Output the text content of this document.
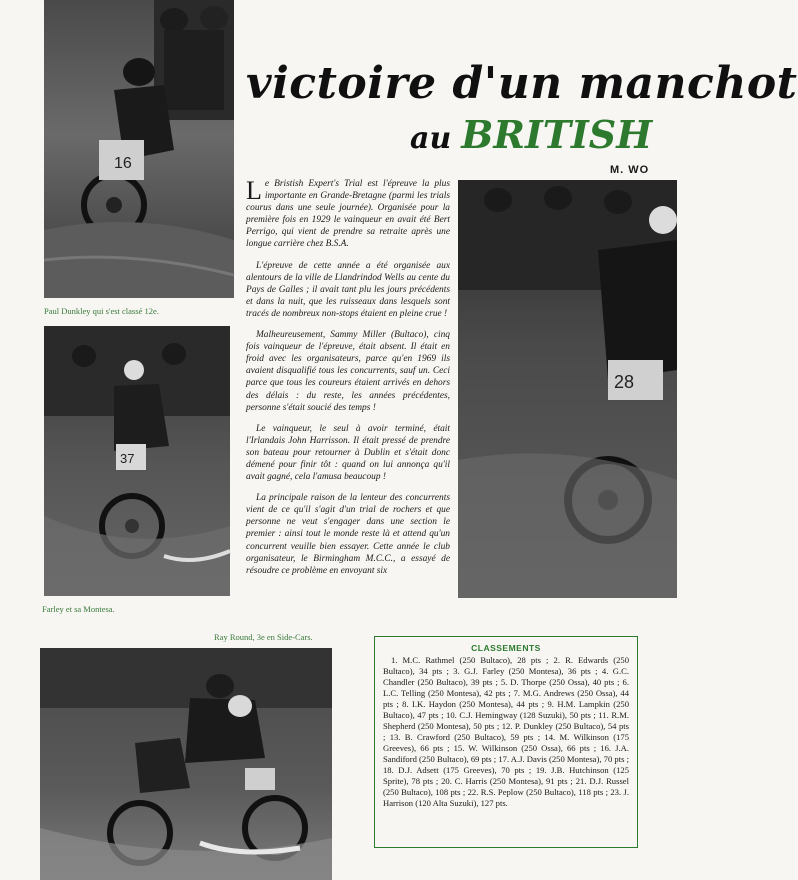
16
Paul Dunkley qui s'est classé 12e.
37
Farley et sa Montesa.
Ray Round, 3e en Side-Cars.
28
victoire d'un manchot
au BRITISH
M. WO

Le Bristish Expert's Trial est l'épreuve la plus importante en Grande-Bretagne (parmi les trials courus dans une seule journée). Organisée pour la première fois en 1929 le vainqueur en avait été Bert Perrigo, qui vient de prendre sa retraite après une longue carrière chez B.S.A.

L'épreuve de cette année a été organisée aux alentours de la ville de Llandrindod Wells au cente du Pays de Galles ; il avait tant plu les jours précédents et dans la nuit, que les ruisseaux dans lesquels sont tracés de nombreux non-stops étaient en pleine crue !

Malheureusement, Sammy Miller (Bultaco), cinq fois vainqueur de l'épreuve, était absent. Il était en froid avec les organisateurs, parce qu'en 1969 ils avaient disqualifié tous les concurrents, sauf un. Ceci parce que tous les coureurs étaient arrivés en dehors des délais : du reste, les années précédentes, personne s'était soucié des temps !

Le vainqueur, le seul à avoir terminé, était l'Irlandais John Harrisson. Il était pressé de prendre son bateau pour retourner à Dublin et s'était donc démené pour finir tôt : quand on lui annonça qu'il avait gagné, cela l'amusa beaucoup !

La principale raison de la lenteur des concurrents vient de ce qu'il s'agit d'un trial de rochers et que personne ne veut s'engager dans une section le premier : ainsi tout le monde reste là et attend qu'un concurrent veuille bien essayer. Cette année le club organisateur, le Birmingham M.C.C., a essayé de résoudre ce problème en envoyant six

CLASSEMENTS
1. M.C. Rathmel (250 Bultaco), 28 pts ; 2. R. Edwards (250 Bultaco), 34 pts ; 3. G.J. Farley (250 Montesa), 36 pts ; 4. G.C. Chandler (250 Bultaco), 39 pts ; 5. D. Thorpe (250 Ossa), 40 pts ; 6. L.C. Telling (250 Montesa), 42 pts ; 7. M.G. Andrews (250 Ossa), 44 pts ; 8. I.K. Haydon (250 Montesa), 44 pts ; 9. H.M. Lampkin (250 Bultaco), 47 pts ; 10. C.J. Hemingway (128 Suzuki), 50 pts ; 11. R.M. Shepherd (250 Montesa), 50 pts ; 12. P. Dunkley (250 Bultaco), 54 pts ; 13. B. Crawford (250 Bultaco), 59 pts ; 14. M. Wilkinson (175 Greeves), 66 pts ; 15. W. Wilkinson (250 Ossa), 66 pts ; 16. J.A. Sandiford (250 Bultaco), 69 pts ; 17. A.J. Davis (250 Montesa), 70 pts ; 18. D.J. Adsett (175 Greeves), 70 pts ; 19. J.B. Hutchinson (125 Sprite), 78 pts ; 20. C. Harris (250 Montesa), 91 pts ; 21. D.J. Russel (250 Bultaco), 108 pts ; 22. R.S. Peplow (250 Bultaco), 118 pts ; 23. J. Harrison (120 Alta Suzuki), 127 pts.
